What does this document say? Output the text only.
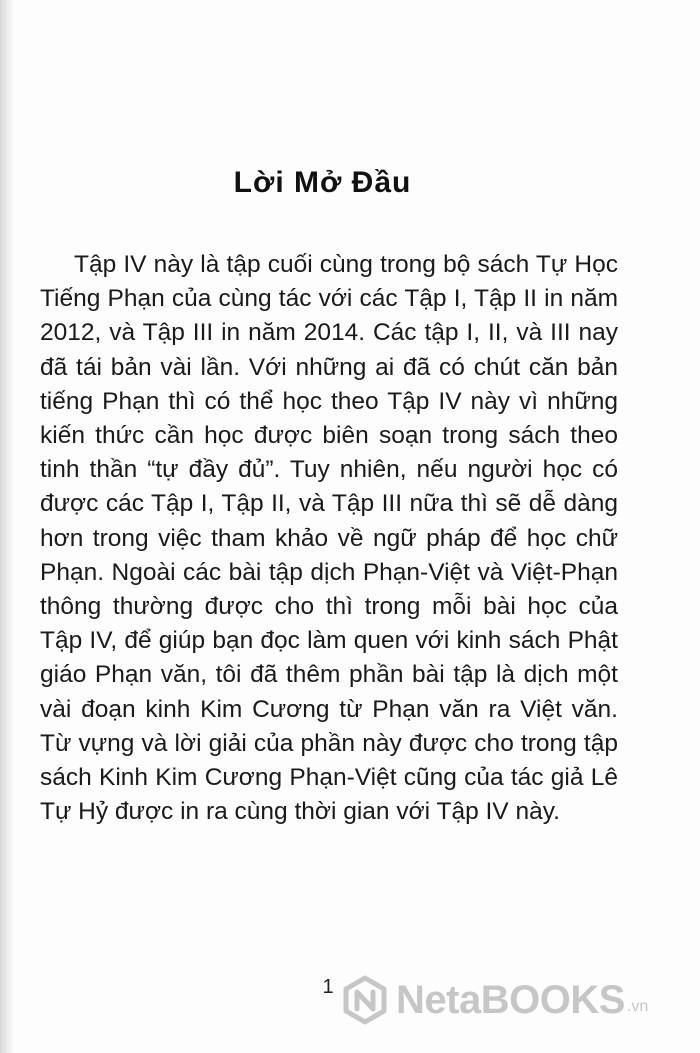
Lời Mở Đầu

Tập IV này là tập cuối cùng trong bộ sách Tự Học Tiếng Phạn của cùng tác với các Tập I, Tập II in năm 2012, và Tập III in năm 2014. Các tập I, II, và III nay đã tái bản vài lần. Với những ai đã có chút căn bản tiếng Phạn thì có thể học theo Tập IV này vì những kiến thức cần học được biên soạn trong sách theo tinh thần “tự đầy đủ”. Tuy nhiên, nếu người học có được các Tập I, Tập II, và Tập III nữa thì sẽ dễ dàng hơn trong việc tham khảo về ngữ pháp để học chữ Phạn. Ngoài các bài tập dịch Phạn-Việt và Việt-Phạn thông thường được cho thì trong mỗi bài học của Tập IV, để giúp bạn đọc làm quen với kinh sách Phật giáo Phạn văn, tôi đã thêm phần bài tập là dịch một vài đoạn kinh Kim Cương từ Phạn văn ra Việt văn. Từ vựng và lời giải của phần này được cho trong tập sách Kinh Kim Cương Phạn-Việt cũng của tác giả Lê Tự Hỷ được in ra cùng thời gian với Tập IV này.

1 NetaBOOKS .vn
